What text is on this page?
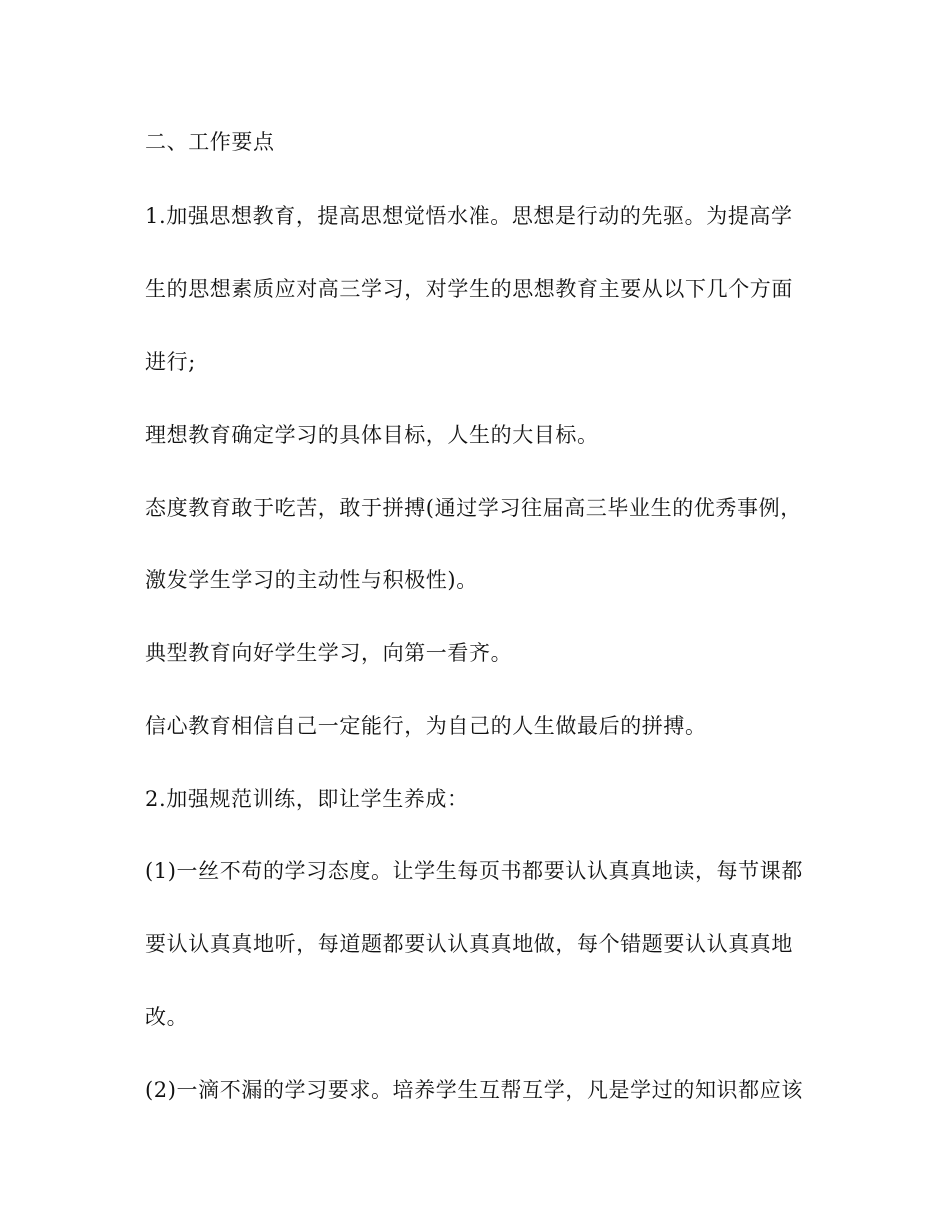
二、工作要点

1.加强思想教育，提高思想觉悟水准。思想是行动的先驱。为提高学

生的思想素质应对高三学习，对学生的思想教育主要从以下几个方面

进行;

理想教育确定学习的具体目标，人生的大目标。

态度教育敢于吃苦，敢于拼搏(通过学习往届高三毕业生的优秀事例，

激发学生学习的主动性与积极性)。

典型教育向好学生学习，向第一看齐。

信心教育相信自己一定能行，为自己的人生做最后的拼搏。

2.加强规范训练，即让学生养成：

(1)一丝不苟的学习态度。让学生每页书都要认认真真地读，每节课都

要认认真真地听，每道题都要认认真真地做，每个错题要认认真真地

改。

(2)一滴不漏的学习要求。培养学生互帮互学，凡是学过的知识都应该
